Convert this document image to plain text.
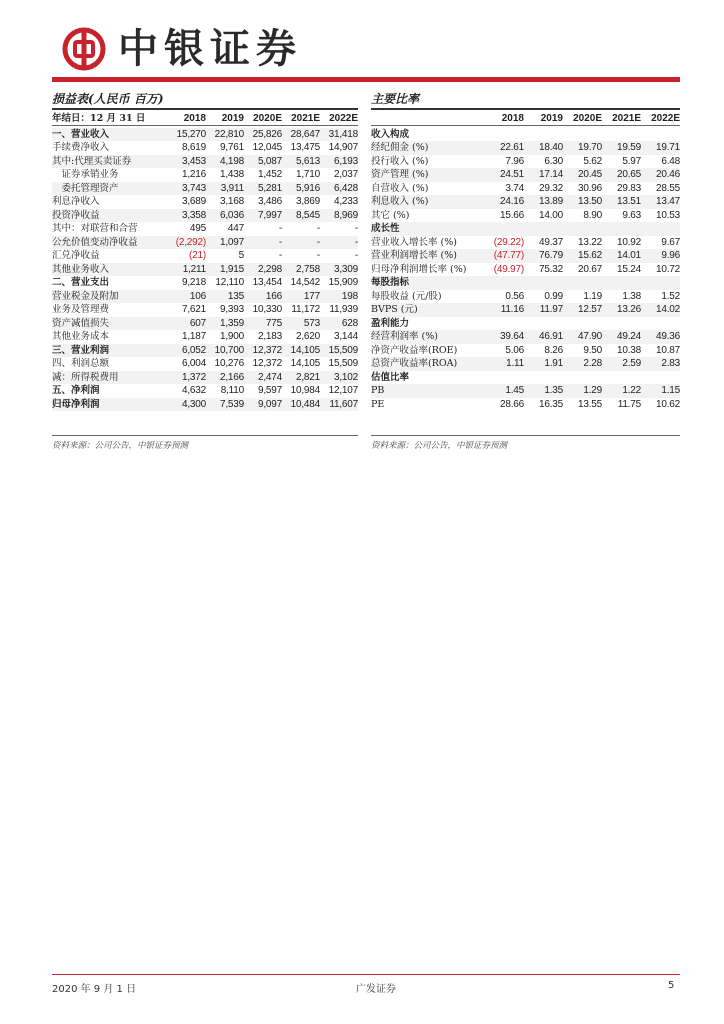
中银证券
损益表(人民币 百万)
年结日：12 月 31 日	2018	2019	2020E	2021E	2022E
一、营业收入	15,270	22,810	25,826	28,647	31,418
手续费净收入	8,619	9,761	12,045	13,475	14,907
其中:代理买卖证券	3,453	4,198	5,087	5,613	6,193
　证券承销业务	1,216	1,438	1,452	1,710	2,037
　委托管理资产	3,743	3,911	5,281	5,916	6,428
利息净收入	3,689	3,168	3,486	3,869	4,233
投资净收益	3,358	6,036	7,997	8,545	8,969
其中：对联营和合营	495	447	-	-	-
公允价值变动净收益	(2,292)	1,097	-	-	-
汇兑净收益	(21)	5	-	-	-
其他业务收入	1,211	1,915	2,298	2,758	3,309
二、营业支出	9,218	12,110	13,454	14,542	15,909
营业税金及附加	106	135	166	177	198
业务及管理费	7,621	9,393	10,330	11,172	11,939
资产减值损失	607	1,359	775	573	628
其他业务成本	1,187	1,900	2,183	2,620	3,144
三、营业利润	6,052	10,700	12,372	14,105	15,509
四、利润总额	6,004	10,276	12,372	14,105	15,509
减：所得税费用	1,372	2,166	2,474	2,821	3,102
五、净利润	4,632	8,110	9,597	10,984	12,107
归母净利润	4,300	7,539	9,097	10,484	11,607
资料来源：公司公告，中银证券预测
主要比率
	2018	2019	2020E	2021E	2022E
收入构成					
经纪佣金 (%)	22.61	18.40	19.70	19.59	19.71
投行收入 (%)	7.96	6.30	5.62	5.97	6.48
资产管理 (%)	24.51	17.14	20.45	20.65	20.46
自营收入 (%)	3.74	29.32	30.96	29.83	28.55
利息收入 (%)	24.16	13.89	13.50	13.51	13.47
其它 (%)	15.66	14.00	8.90	9.63	10.53
成长性					
营业收入增长率 (%)	(29.22)	49.37	13.22	10.92	9.67
营业利润增长率 (%)	(47.77)	76.79	15.62	14.01	9.96
归母净利润增长率 (%)	(49.97)	75.32	20.67	15.24	10.72
每股指标					
每股收益 (元/股)	0.56	0.99	1.19	1.38	1.52
BVPS (元)	11.16	11.97	12.57	13.26	14.02
盈利能力					
经营利润率 (%)	39.64	46.91	47.90	49.24	49.36
净资产收益率(ROE)	5.06	8.26	9.50	10.38	10.87
总资产收益率(ROA)	1.11	1.91	2.28	2.59	2.83
估值比率					
PB	1.45	1.35	1.29	1.22	1.15
PE	28.66	16.35	13.55	11.75	10.62
资料来源：公司公告，中银证券预测
2020 年 9 月 1 日	广发证券	5
